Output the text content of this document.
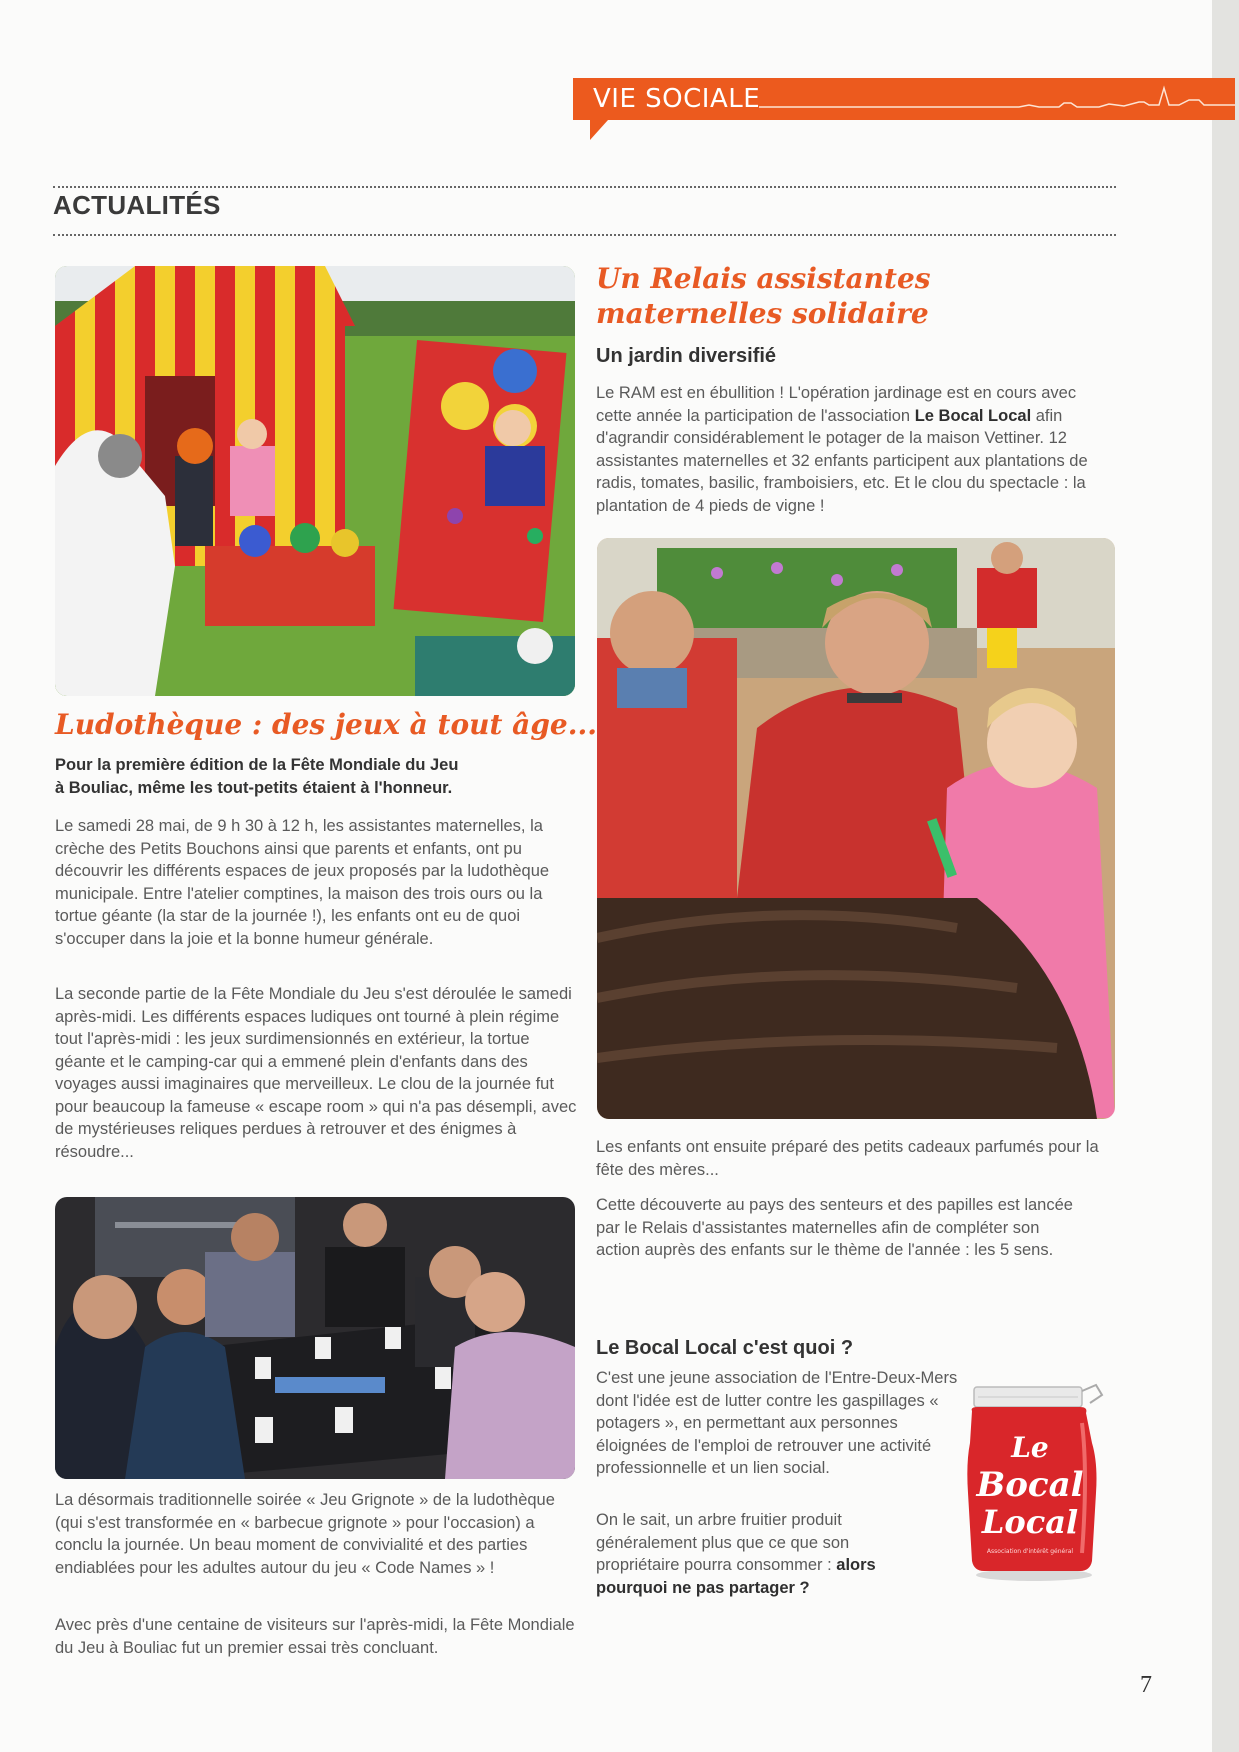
VIE SOCIALE
ACTUALITÉS
Ludothèque : des jeux à tout âge...
Pour la première édition de la Fête Mondiale du Jeu
à Bouliac, même les tout-petits étaient à l'honneur.

Le samedi 28 mai, de 9 h 30 à 12 h, les assistantes maternelles, la crèche des Petits Bouchons ainsi que parents et enfants, ont pu découvrir les différents espaces de jeux proposés par la ludothèque municipale. Entre l'atelier comptines, la maison des trois ours ou la tortue géante (la star de la journée !), les enfants ont eu de quoi s'occuper dans la joie et la bonne humeur générale.

La seconde partie de la Fête Mondiale du Jeu s'est déroulée le samedi après-midi. Les différents espaces ludiques ont tourné à plein régime tout l'après-midi : les jeux surdimensionnés en extérieur, la tortue géante et le camping-car qui a emmené plein d'enfants dans des voyages aussi imaginaires que merveilleux. Le clou de la journée fut pour beaucoup la fameuse « escape room » qui n'a pas désempli, avec de mystérieuses reliques perdues à retrouver et des énigmes à résoudre...

La désormais traditionnelle soirée « Jeu Grignote » de la ludothèque (qui s'est transformée en « barbecue grignote » pour l'occasion) a conclu la journée. Un beau moment de convivialité et des parties endiablées pour les adultes autour du jeu « Code Names » !

Avec près d'une centaine de visiteurs sur l'après-midi, la Fête Mondiale du Jeu à Bouliac fut un premier essai très concluant.

Un Relais assistantes
maternelles solidaire
Un jardin diversifié

Le RAM est en ébullition ! L'opération jardinage est en cours avec cette année la participation de l'association Le Bocal Local afin d'agrandir considérablement le potager de la maison Vettiner. 12 assistantes maternelles et 32 enfants participent aux plantations de radis, tomates, basilic, framboisiers, etc. Et le clou du spectacle : la plantation de 4 pieds de vigne !

Les enfants ont ensuite préparé des petits cadeaux parfumés pour la fête des mères...

Cette découverte au pays des senteurs et des papilles est lancée par le Relais d'assistantes maternelles afin de compléter son action auprès des enfants sur le thème de l'année : les 5 sens.

Le Bocal Local c'est quoi ?

C'est une jeune association de l'Entre-Deux-Mers dont l'idée est de lutter contre les gaspillages « potagers », en permettant aux personnes éloignées de l'emploi de retrouver une activité professionnelle et un lien social.

On le sait, un arbre fruitier produit généralement plus que ce que son propriétaire pourra consommer : alors pourquoi ne pas partager ?

Le
Bocal
Local
Association d'intérêt général
7
